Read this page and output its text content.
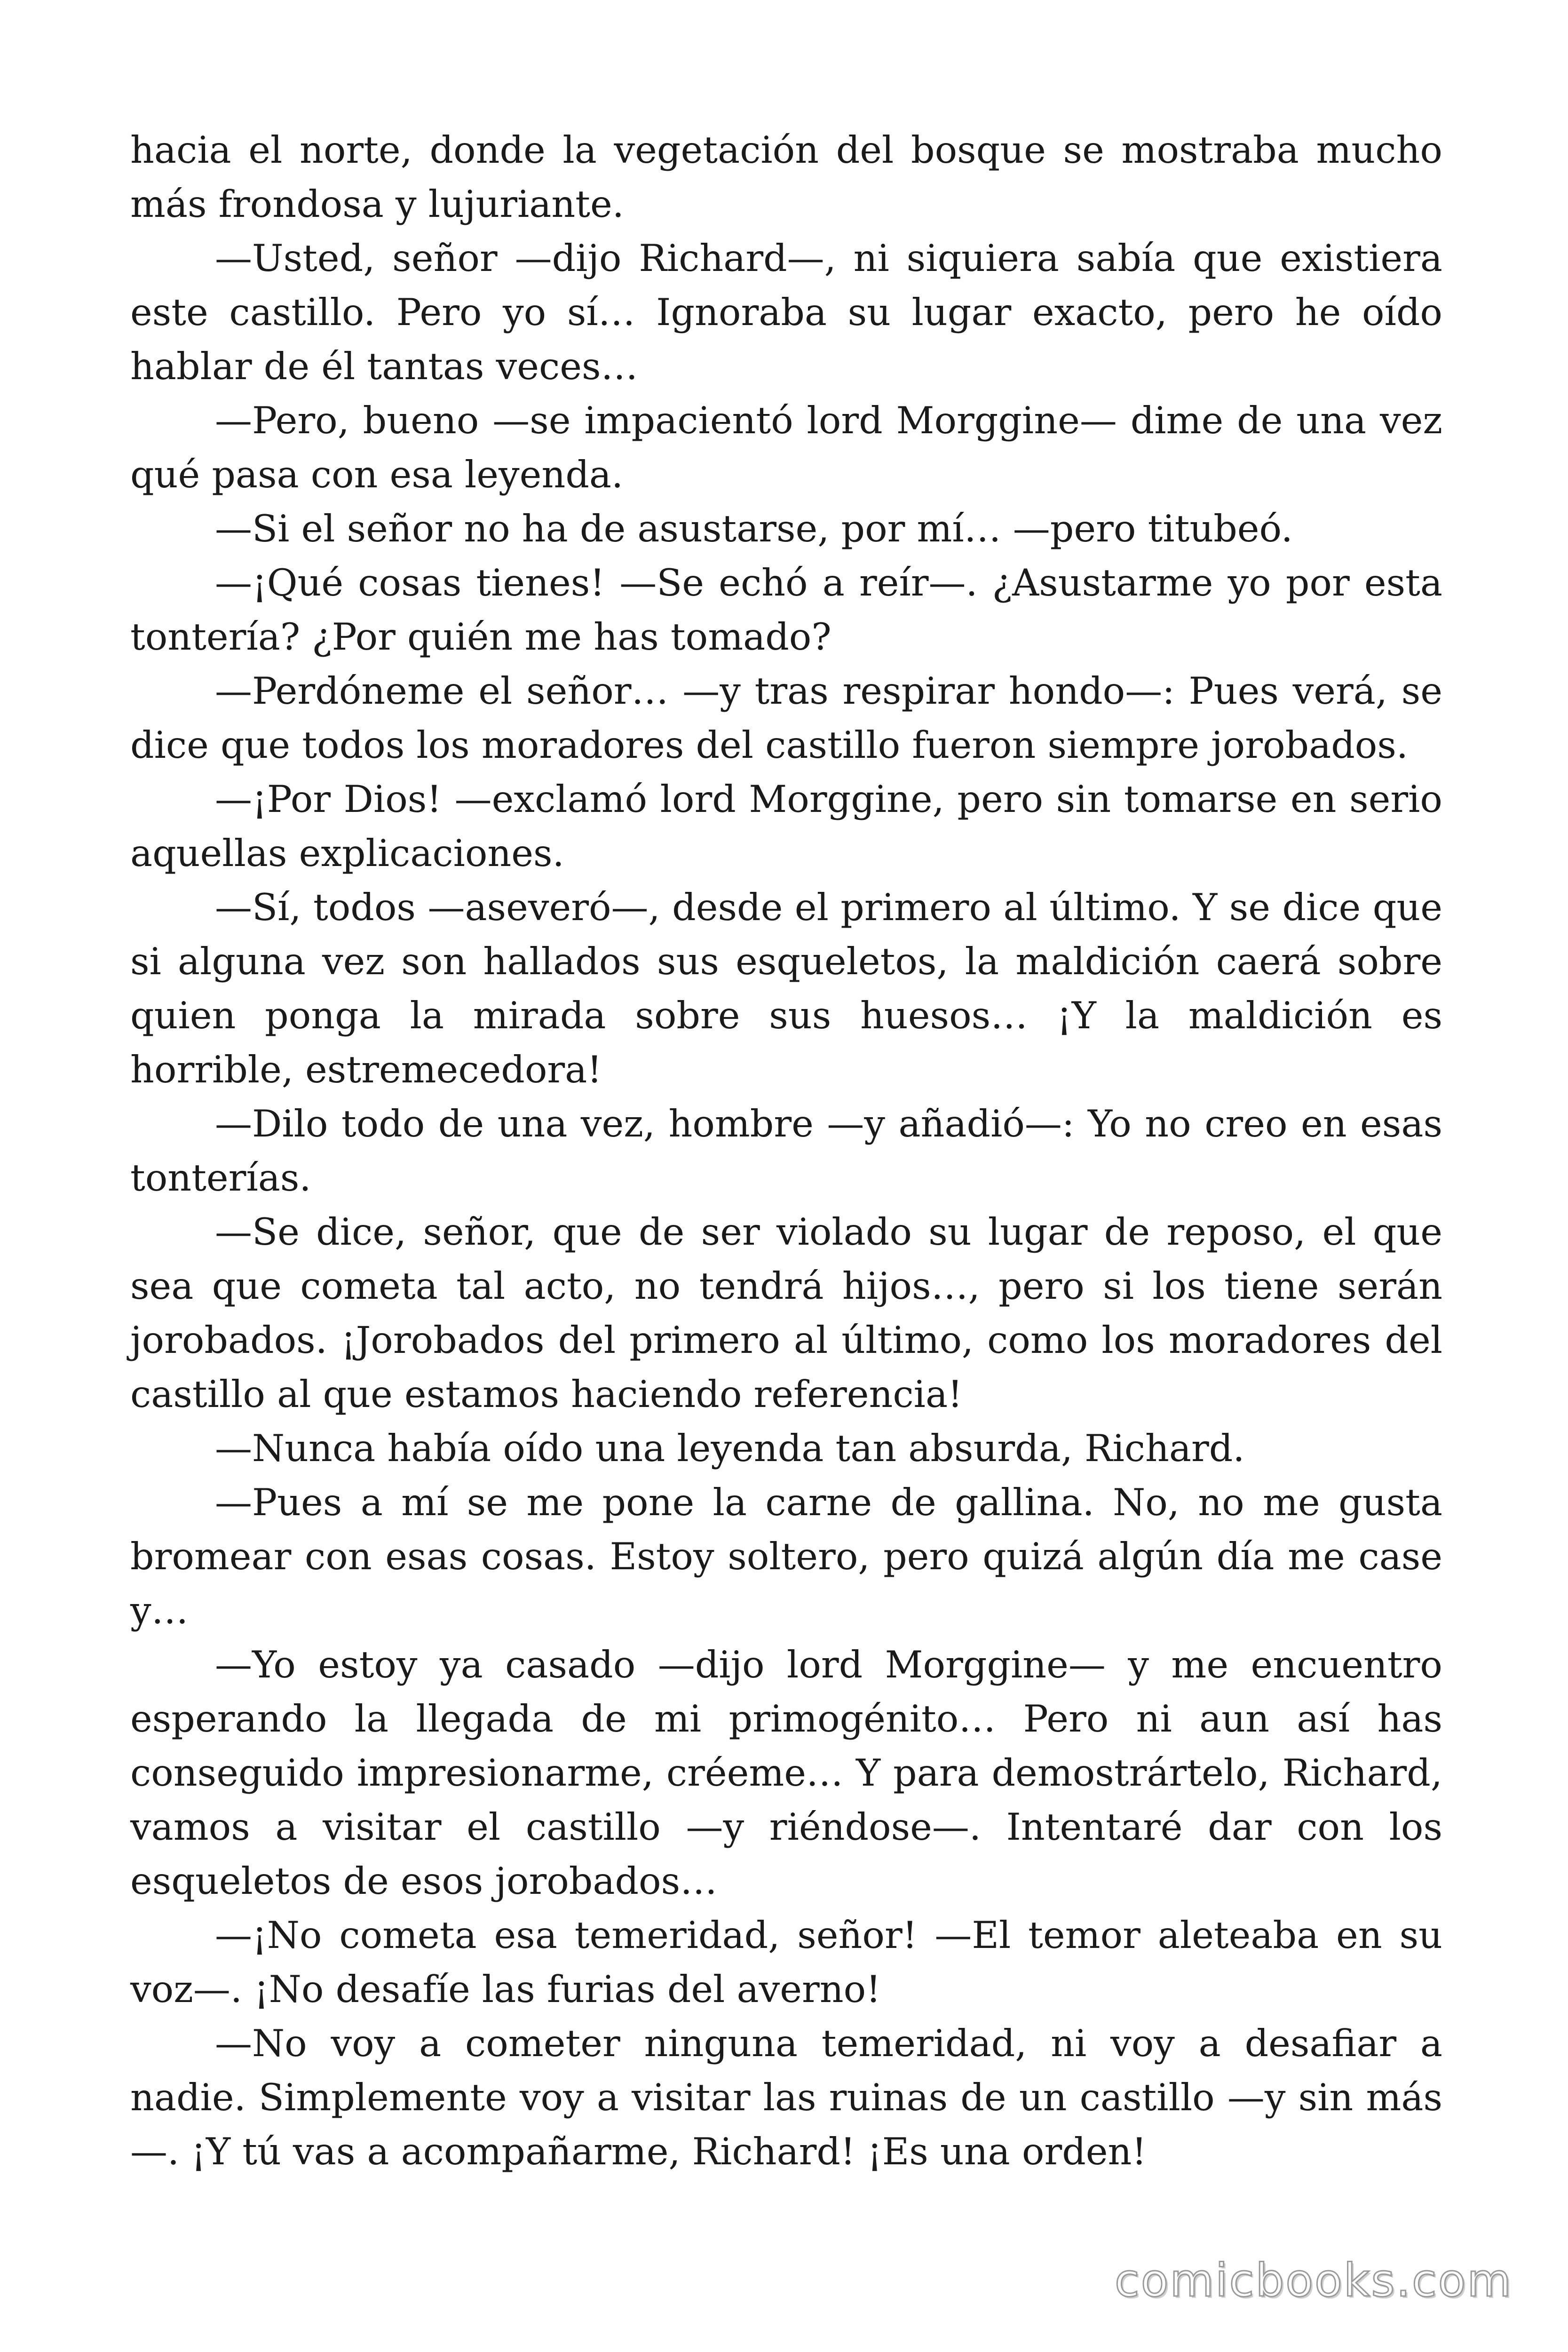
hacia el norte, donde la vegetación del bosque se mostraba mucho más frondosa y lujuriante.

—Usted, señor —dijo Richard—, ni siquiera sabía que existiera este castillo. Pero yo sí… Ignoraba su lugar exacto, pero he oído hablar de él tantas veces…

—Pero, bueno —se impacientó lord Morggine— dime de una vez qué pasa con esa leyenda.

—Si el señor no ha de asustarse, por mí… —pero titubeó.

—¡Qué cosas tienes! —Se echó a reír—. ¿Asustarme yo por esta tontería? ¿Por quién me has tomado?

—Perdóneme el señor… —y tras respirar hondo—: Pues verá, se dice que todos los moradores del castillo fueron siempre jorobados.

—¡Por Dios! —exclamó lord Morggine, pero sin tomarse en serio aquellas explicaciones.

—Sí, todos —aseveró—, desde el primero al último. Y se dice que si alguna vez son hallados sus esqueletos, la maldición caerá sobre quien ponga la mirada sobre sus huesos… ¡Y la maldición es horrible, estremecedora!

—Dilo todo de una vez, hombre —y añadió—: Yo no creo en esas tonterías.

—Se dice, señor, que de ser violado su lugar de reposo, el que sea que cometa tal acto, no tendrá hijos…, pero si los tiene serán jorobados. ¡Jorobados del primero al último, como los moradores del castillo al que estamos haciendo referencia!

—Nunca había oído una leyenda tan absurda, Richard.

—Pues a mí se me pone la carne de gallina. No, no me gusta bromear con esas cosas. Estoy soltero, pero quizá algún día me case y…

—Yo estoy ya casado —dijo lord Morggine— y me encuentro esperando la llegada de mi primogénito… Pero ni aun así has conseguido impresionarme, créeme… Y para demostrártelo, Richard, vamos a visitar el castillo —y riéndose—. Intentaré dar con los esqueletos de esos jorobados…

—¡No cometa esa temeridad, señor! —El temor aleteaba en su voz—. ¡No desafíe las furias del averno!

—No voy a cometer ninguna temeridad, ni voy a desafiar a nadie. Simplemente voy a visitar las ruinas de un castillo —y sin más—. ¡Y tú vas a acompañarme, Richard! ¡Es una orden!

comicbooks.com
